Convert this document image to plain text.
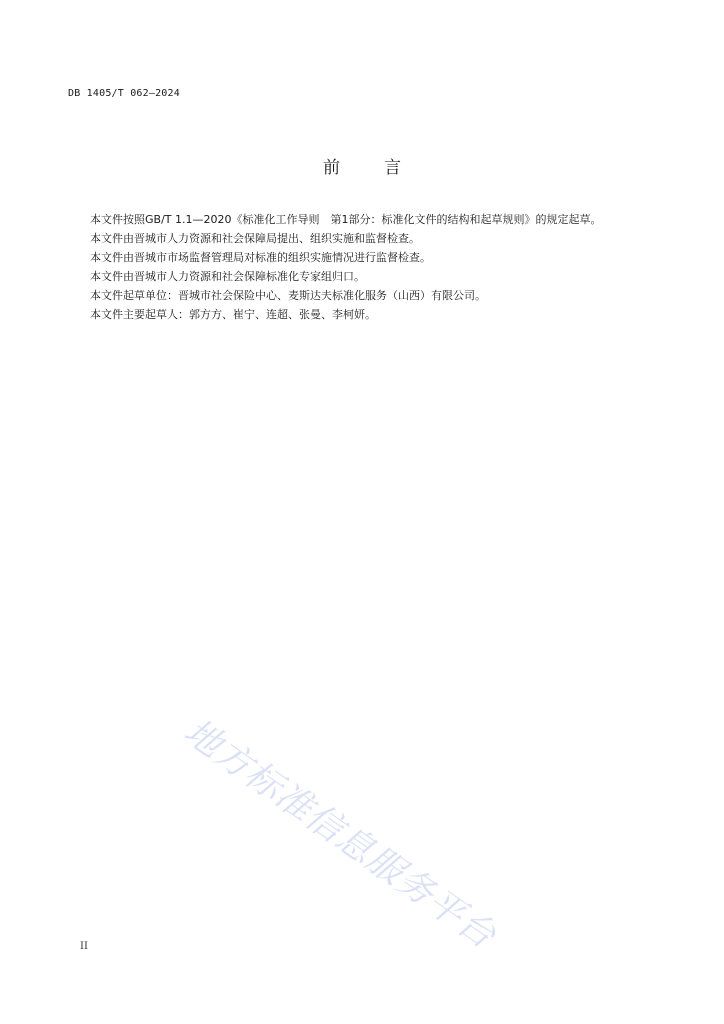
DB 1405/T 062—2024
前言

本文件按照GB/T 1.1—2020《标准化工作导则　第1部分：标准化文件的结构和起草规则》的规定起草。

本文件由晋城市人力资源和社会保障局提出、组织实施和监督检查。

本文件由晋城市市场监督管理局对标准的组织实施情况进行监督检查。

本文件由晋城市人力资源和社会保障标准化专家组归口。

本文件起草单位：晋城市社会保险中心、麦斯达夫标准化服务（山西）有限公司。

本文件主要起草人：郭方方、崔宁、连超、张曼、李柯妍。

地方标准信息服务平台
II
